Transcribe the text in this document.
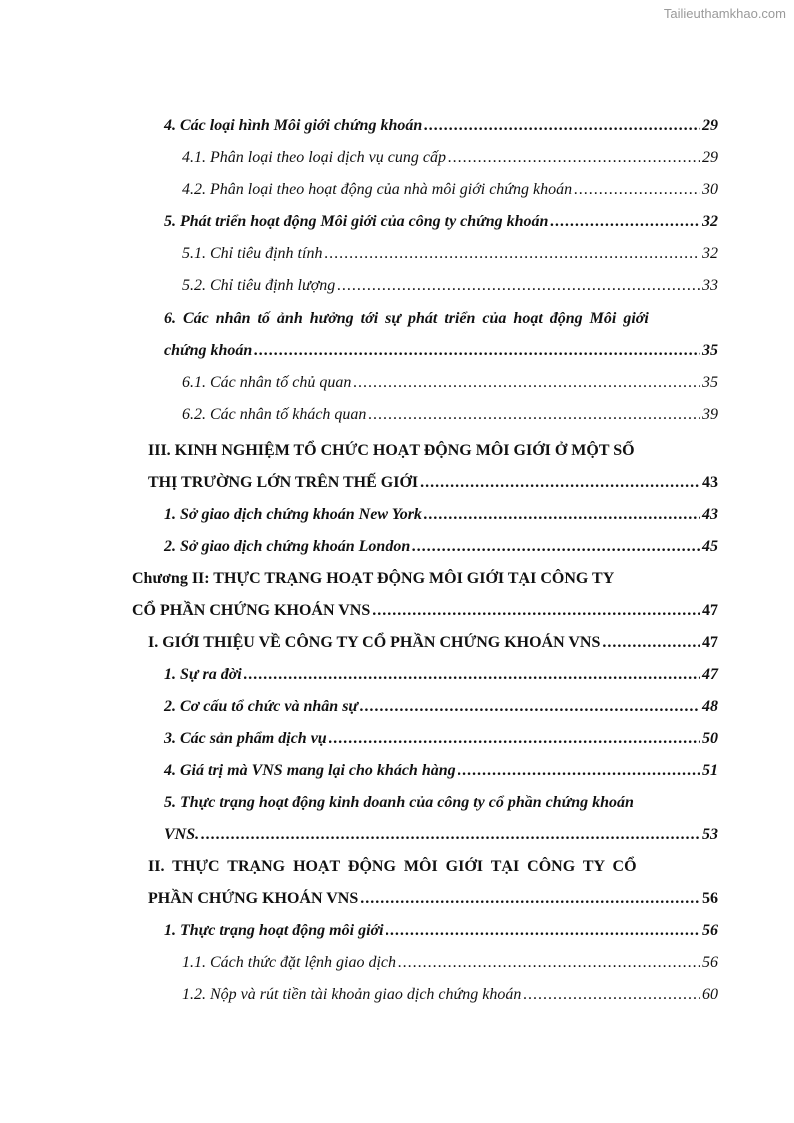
Tailieuthamkhao.com
4. Các loại hình Môi giới chứng khoán .....	29
4.1. Phân loại theo loại dịch vụ cung cấp .....	29
4.2. Phân loại theo hoạt động của nhà môi giới chứng khoán .....	30
5. Phát triển hoạt động Môi giới của công ty chứng khoán .....	32
5.1. Chỉ tiêu định tính .....	32
5.2. Chỉ tiêu định lượng .....	33
6. Các nhân tố ảnh hưởng tới sự phát triển của hoạt động Môi giới
chứng khoán .....	35
6.1. Các nhân tố chủ quan .....	35
6.2. Các nhân tố khách quan .....	39
III. KINH NGHIỆM TỔ CHỨC HOẠT ĐỘNG MÔI GIỚI Ở MỘT SỐ
THỊ TRƯỜNG LỚN TRÊN THẾ GIỚI .....	43
1. Sở giao dịch chứng khoán New York .....	43
2. Sở giao dịch chứng khoán London .....	45
Chương II: THỰC TRẠNG HOẠT ĐỘNG MÔI GIỚI TẠI CÔNG TY
CỔ PHẦN CHỨNG KHOÁN VNS .....	47
I. GIỚI THIỆU VỀ CÔNG TY CỔ PHẦN CHỨNG KHOÁN VNS .....	47
1. Sự ra đời .....	47
2. Cơ cấu tổ chức và nhân sự .....	48
3. Các sản phẩm dịch vụ .....	50
4. Giá trị mà VNS mang lại cho khách hàng .....	51
5. Thực trạng hoạt động kinh doanh của công ty cổ phần chứng khoán
VNS. .....	53
II. THỰC TRẠNG HOẠT ĐỘNG MÔI GIỚI TẠI CÔNG TY CỔ
PHẦN CHỨNG KHOÁN VNS .....	56
1. Thực trạng hoạt động môi giới .....	56
1.1. Cách thức đặt lệnh giao dịch .....	56
1.2. Nộp và rút tiền tài khoản giao dịch chứng khoán .....	60
